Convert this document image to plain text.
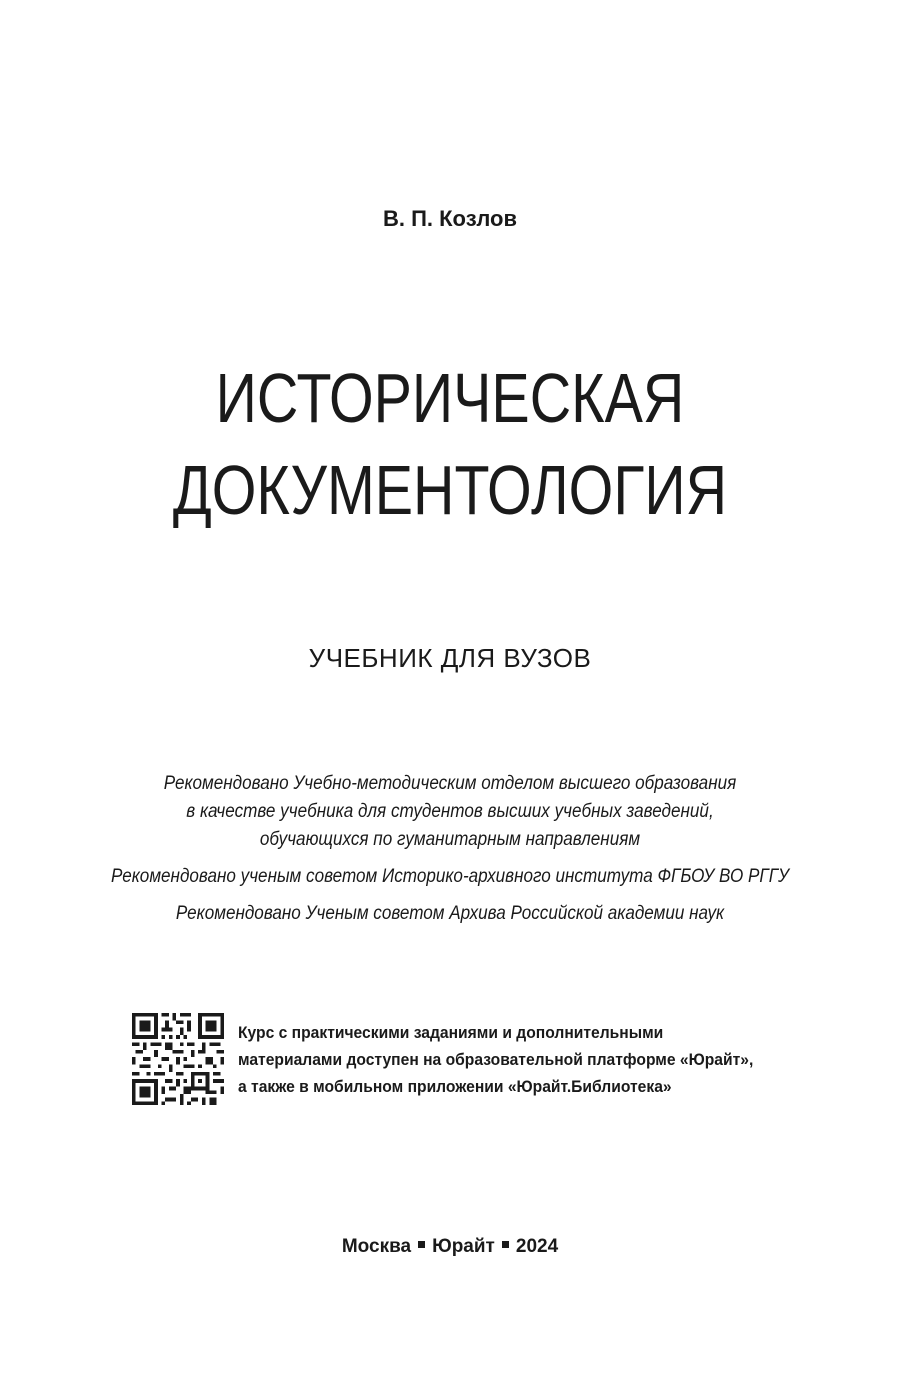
В. П. Козлов
ИСТОРИЧЕСКАЯ
ДОКУМЕНТОЛОГИЯ
УЧЕБНИК ДЛЯ ВУЗОВ
Рекомендовано Учебно-методическим отделом высшего образования
в качестве учебника для студентов высших учебных заведений,
обучающихся по гуманитарным направлениям
Рекомендовано ученым советом Историко-архивного института ФГБОУ ВО РГГУ
Рекомендовано Ученым советом Архива Российской академии наук
Курс с практическими заданиями и дополнительными
материалами доступен на образовательной платформе «Юрайт»,
а также в мобильном приложении «Юрайт.Библиотека»
Москва Юрайт 2024
